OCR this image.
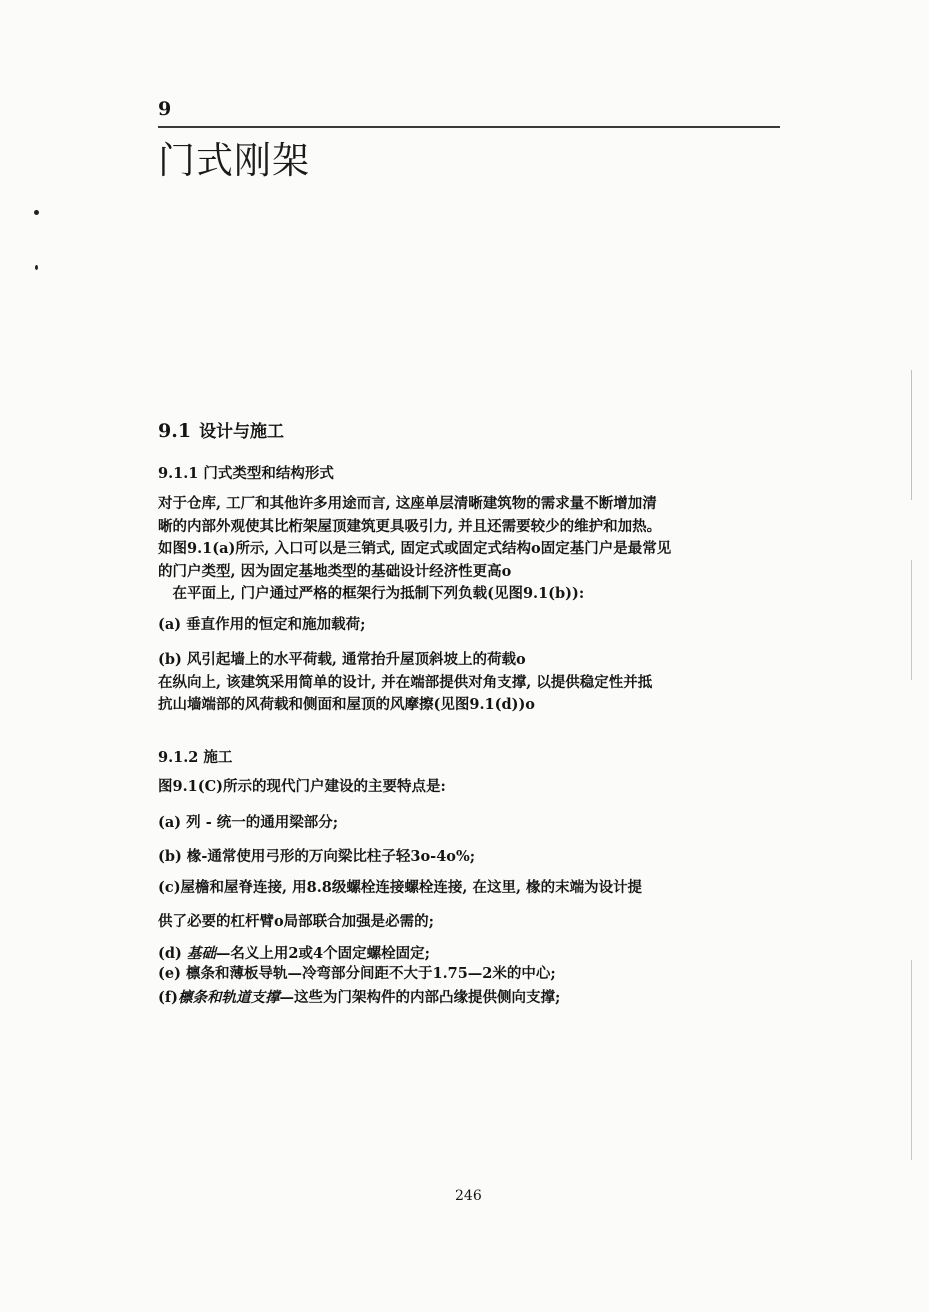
9
门式刚架
9.1 设计与施工
9.1.1 门式类型和结构形式
对于仓库, 工厂和其他许多用途而言, 这座单层清晰建筑物的需求量不断增加清
晰的内部外观使其比桁架屋顶建筑更具吸引力, 并且还需要较少的维护和加热。
如图9.1(a)所示, 入口可以是三销式, 固定式或固定式结构o固定基门户是最常见
的门户类型, 因为固定基地类型的基础设计经济性更高o
　在平面上, 门户通过严格的框架行为抵制下列负载(见图9.1(b)):
(a) 垂直作用的恒定和施加载荷;
(b) 风引起墙上的水平荷载, 通常抬升屋顶斜坡上的荷载o
在纵向上, 该建筑采用简单的设计, 并在端部提供对角支撑, 以提供稳定性并抵
抗山墙端部的风荷载和侧面和屋顶的风摩擦(见图9.1(d))o
9.1.2 施工
图9.1(C)所示的现代门户建设的主要特点是:
(a) 列 - 统一的通用梁部分;
(b) 椽-通常使用弓形的万向梁比柱子轻3o-4o%;
(c)屋檐和屋脊连接, 用8.8级螺栓连接螺栓连接, 在这里, 椽的末端为设计提
供了必要的杠杆臂o局部联合加强是必需的;
(d) 基础—名义上用2或4个固定螺栓固定;
(e) 檩条和薄板导轨—冷弯部分间距不大于1.75—2米的中心;
(f)檩条和轨道支撑—这些为门架构件的内部凸缘提供侧向支撑;
246
